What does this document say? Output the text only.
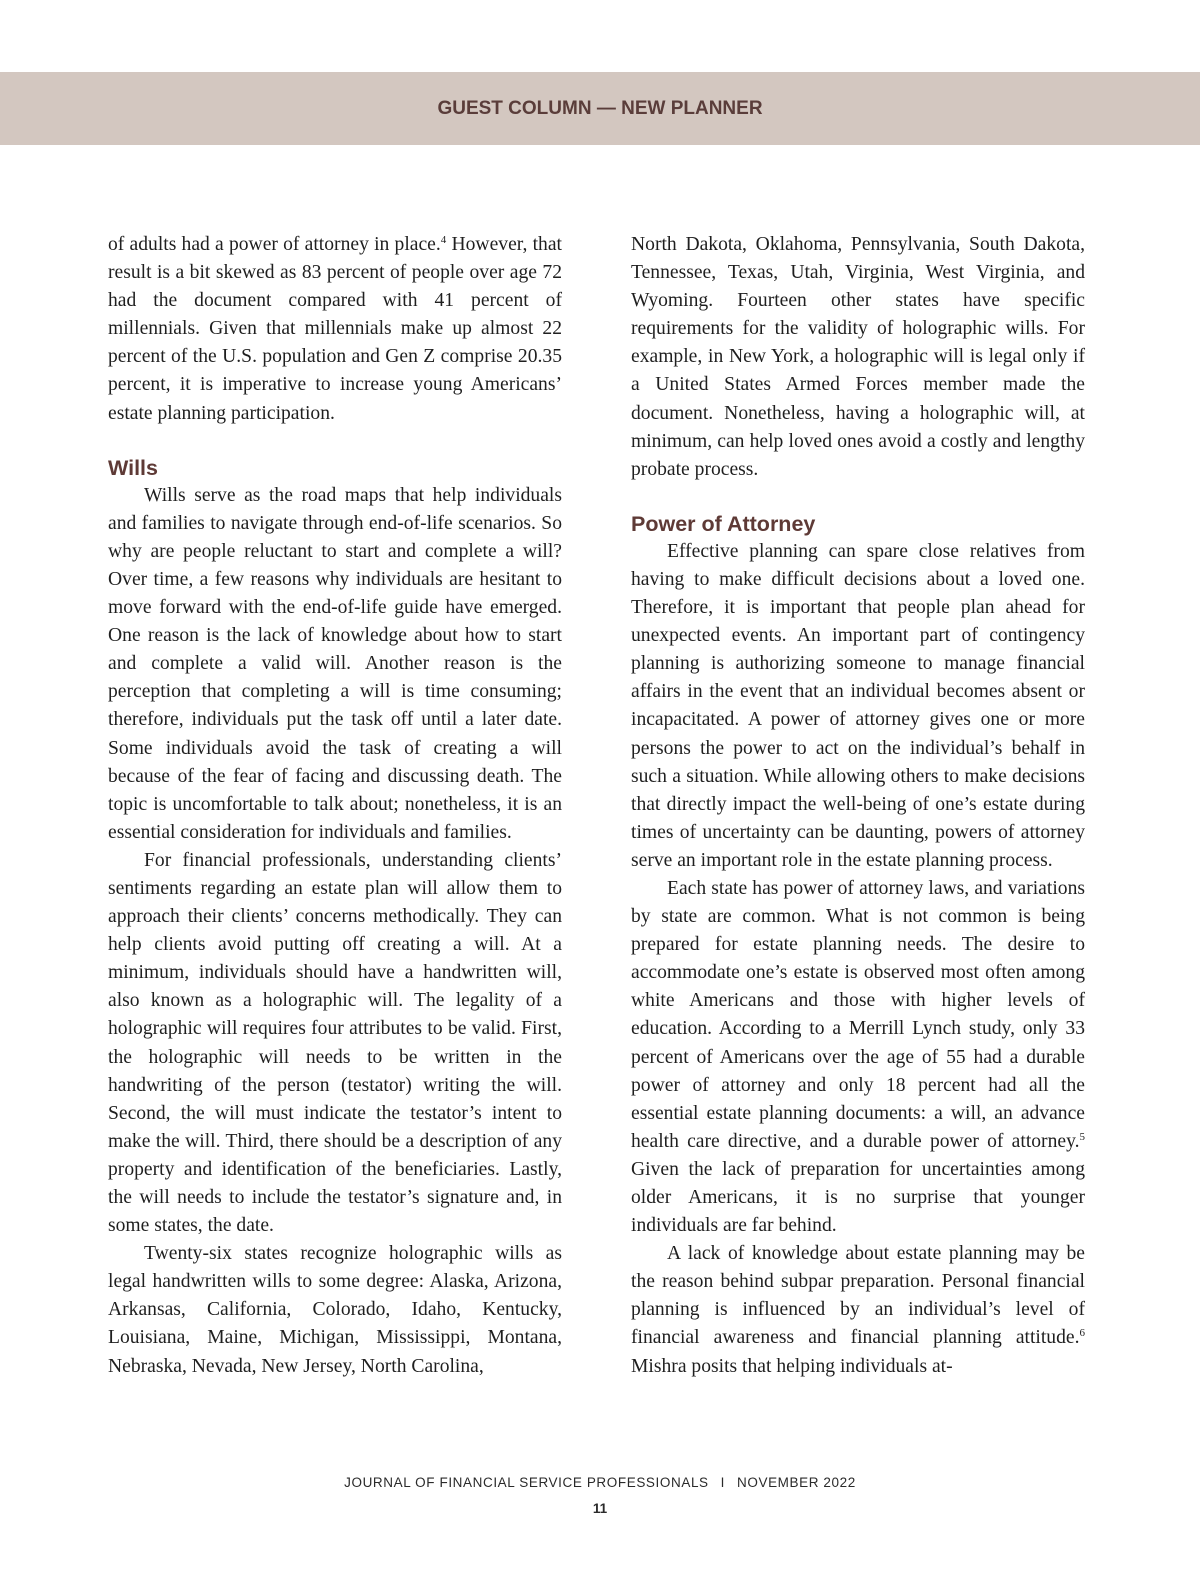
GUEST COLUMN — NEW PLANNER

of adults had a power of attorney in place.$^4$ However, that result is a bit skewed as 83 percent of people over age 72 had the document compared with 41 percent of millennials. Given that millennials make up almost 22 percent of the U.S. population and Gen Z comprise 20.35 percent, it is imperative to increase young Americans’ estate planning participation.

Wills

Wills serve as the road maps that help individuals and families to navigate through end-of-life scenarios. So why are people reluctant to start and complete a will? Over time, a few reasons why individuals are hesitant to move forward with the end-of-life guide have emerged. One reason is the lack of knowledge about how to start and complete a valid will. Another reason is the perception that completing a will is time consuming; therefore, individuals put the task off until a later date. Some individuals avoid the task of creating a will because of the fear of facing and discussing death. The topic is uncomfortable to talk about; nonetheless, it is an essential consideration for individuals and families.

For financial professionals, understanding clients’ sentiments regarding an estate plan will allow them to approach their clients’ concerns methodically. They can help clients avoid putting off creating a will. At a minimum, individuals should have a handwritten will, also known as a holographic will. The legality of a holographic will requires four attributes to be valid. First, the holographic will needs to be written in the handwriting of the person (testator) writing the will. Second, the will must indicate the testator’s intent to make the will. Third, there should be a description of any property and identification of the beneficiaries. Lastly, the will needs to include the testator’s signature and, in some states, the date.

Twenty-six states recognize holographic wills as legal handwritten wills to some degree: Alaska, Arizona, Arkansas, California, Colorado, Idaho, Kentucky, Louisiana, Maine, Michigan, Mississippi, Montana, Nebraska, Nevada, New Jersey, North Carolina,

North Dakota, Oklahoma, Pennsylvania, South Dakota, Tennessee, Texas, Utah, Virginia, West Virginia, and Wyoming. Fourteen other states have specific requirements for the validity of holographic wills. For example, in New York, a holographic will is legal only if a United States Armed Forces member made the document. Nonetheless, having a holographic will, at minimum, can help loved ones avoid a costly and lengthy probate process.

Power of Attorney

Effective planning can spare close relatives from having to make difficult decisions about a loved one. Therefore, it is important that people plan ahead for unexpected events. An important part of contingency planning is authorizing someone to manage financial affairs in the event that an individual becomes absent or incapacitated. A power of attorney gives one or more persons the power to act on the individual’s behalf in such a situation. While allowing others to make decisions that directly impact the well-being of one’s estate during times of uncertainty can be daunting, powers of attorney serve an important role in the estate planning process.

Each state has power of attorney laws, and variations by state are common. What is not common is being prepared for estate planning needs. The desire to accommodate one’s estate is observed most often among white Americans and those with higher levels of education. According to a Merrill Lynch study, only 33 percent of Americans over the age of 55 had a durable power of attorney and only 18 percent had all the essential estate planning documents: a will, an advance health care directive, and a durable power of attorney.$^5$ Given the lack of preparation for uncertainties among older Americans, it is no surprise that younger individuals are far behind.

A lack of knowledge about estate planning may be the reason behind subpar preparation. Personal financial planning is influenced by an individual’s level of financial awareness and financial planning attitude.$^6$ Mishra posits that helping individuals at-

JOURNAL OF FINANCIAL SERVICE PROFESSIONALS I NOVEMBER 2022
11
